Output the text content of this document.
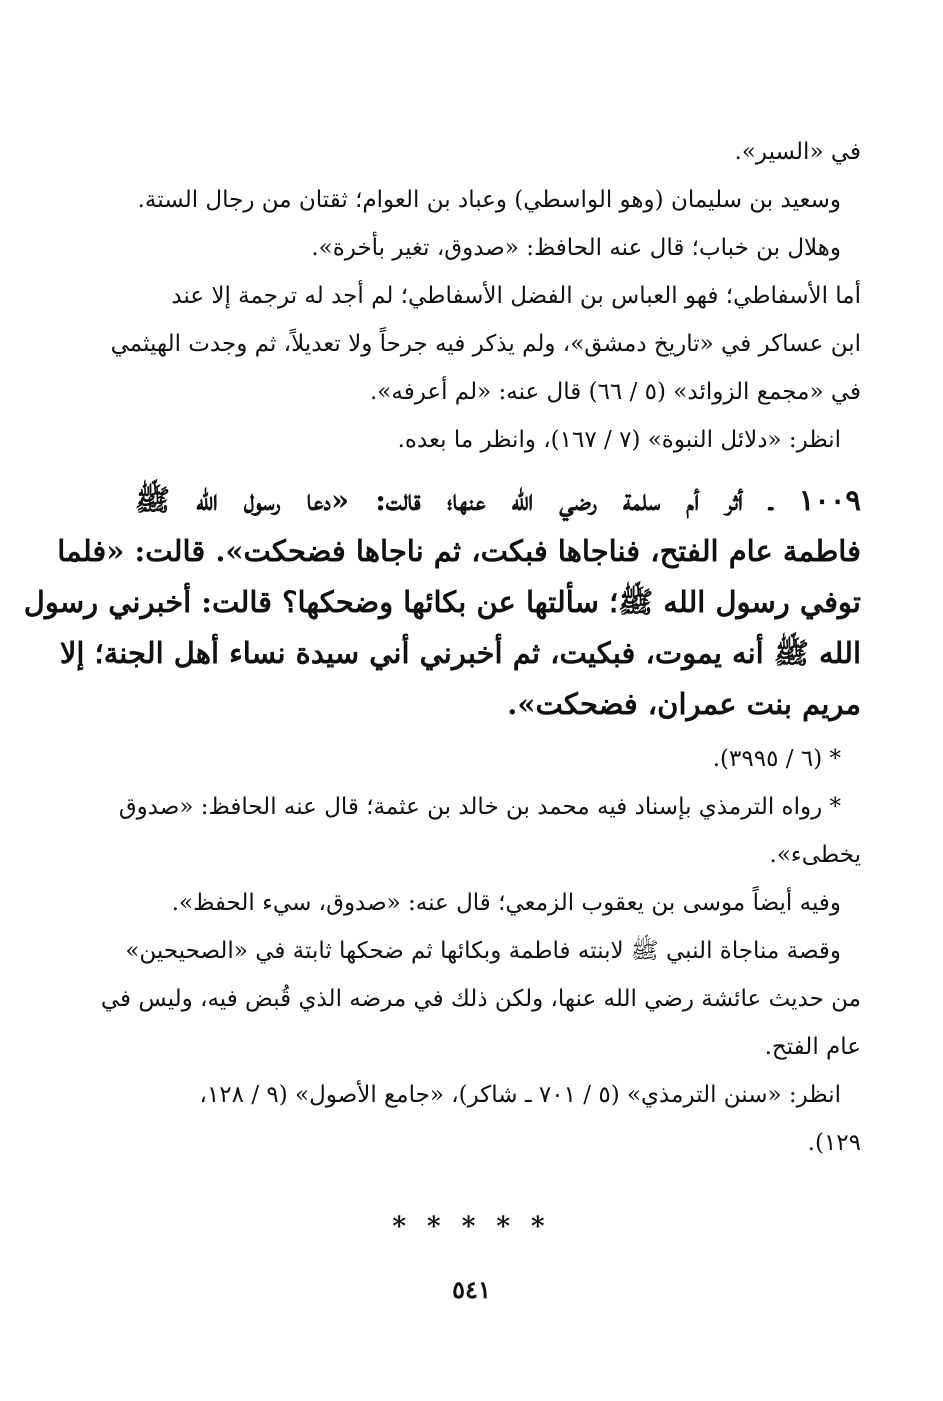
في «السير».
وسعيد بن سليمان (وهو الواسطي) وعباد بن العوام؛ ثقتان من رجال الستة.
وهلال بن خباب؛ قال عنه الحافظ: «صدوق، تغير بأخرة».
أما الأسفاطي؛ فهو العباس بن الفضل الأسفاطي؛ لم أجد له ترجمة إلا عند
ابن عساكر في «تاريخ دمشق»، ولم يذكر فيه جرحاً ولا تعديلاً، ثم وجدت الهيثمي
في «مجمع الزوائد» (٥ / ٦٦) قال عنه: «لم أعرفه».
انظر: «دلائل النبوة» (٧ / ١٦٧)، وانظر ما بعده.
١٠٠٩ ـ أثر أم سلمة رضي الله عنها؛ قالت: «دعا رسول الله ﷺ
فاطمة عام الفتح، فناجاها فبكت، ثم ناجاها فضحكت». قالت: «فلما
توفي رسول الله ﷺ؛ سألتها عن بكائها وضحكها؟ قالت: أخبرني رسول
الله ﷺ أنه يموت، فبكيت، ثم أخبرني أني سيدة نساء أهل الجنة؛ إلا
مريم بنت عمران، فضحكت».
* (٦ / ٣٩٩٥).
* رواه الترمذي بإسناد فيه محمد بن خالد بن عثمة؛ قال عنه الحافظ: «صدوق
يخطىء».
وفيه أيضاً موسى بن يعقوب الزمعي؛ قال عنه: «صدوق، سيء الحفظ».
وقصة مناجاة النبي ﷺ لابنته فاطمة وبكائها ثم ضحكها ثابتة في «الصحيحين»
من حديث عائشة رضي الله عنها، ولكن ذلك في مرضه الذي قُبض فيه، وليس في
عام الفتح.
انظر: «سنن الترمذي» (٥ / ٧٠١ ـ شاكر)، «جامع الأصول» (٩ / ١٢٨،
١٢٩).
* * * * *
٥٤١
